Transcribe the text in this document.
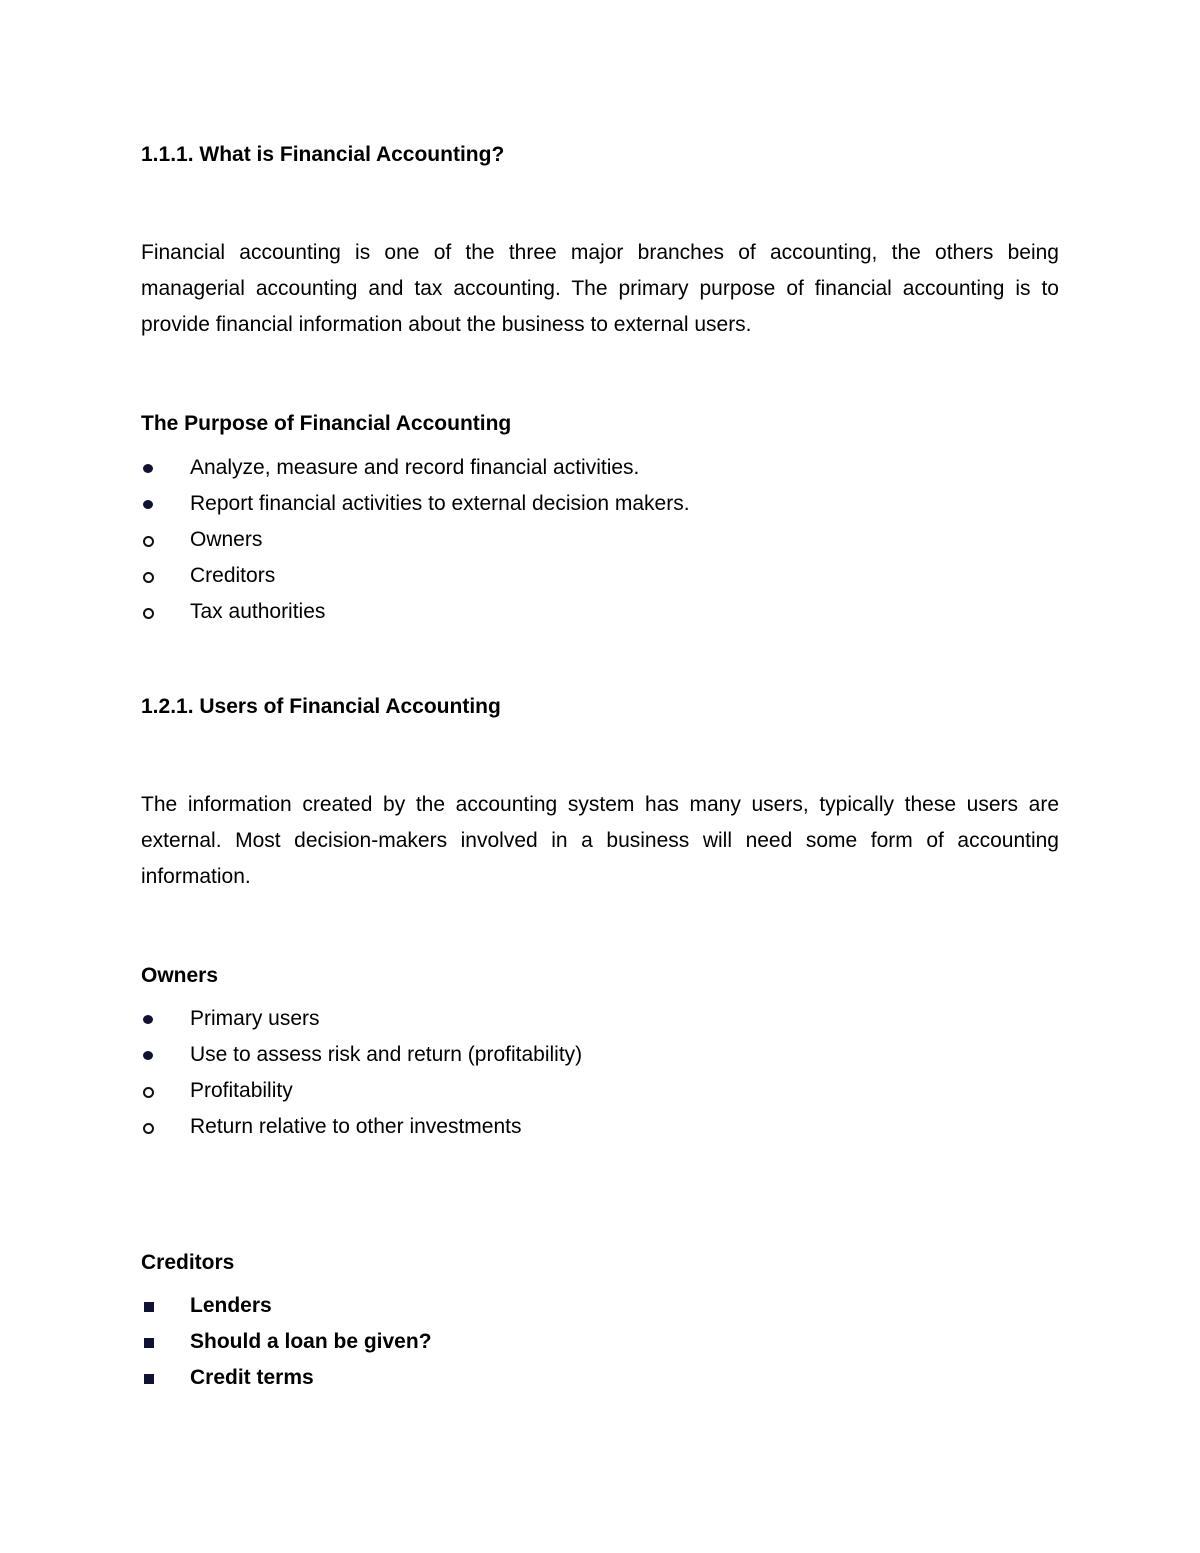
1.1.1. What is Financial Accounting?

Financial accounting is one of the three major branches of accounting, the others being managerial accounting and tax accounting. The primary purpose of financial accounting is to provide financial information about the business to external users.

The Purpose of Financial Accounting
Analyze, measure and record financial activities.
Report financial activities to external decision makers.
Owners
Creditors
Tax authorities
1.2.1. Users of Financial Accounting

The information created by the accounting system has many users, typically these users are external. Most decision-makers involved in a business will need some form of accounting information.

Owners
Primary users
Use to assess risk and return (profitability)
Profitability
Return relative to other investments
Creditors
Lenders
Should a loan be given?
Credit terms
